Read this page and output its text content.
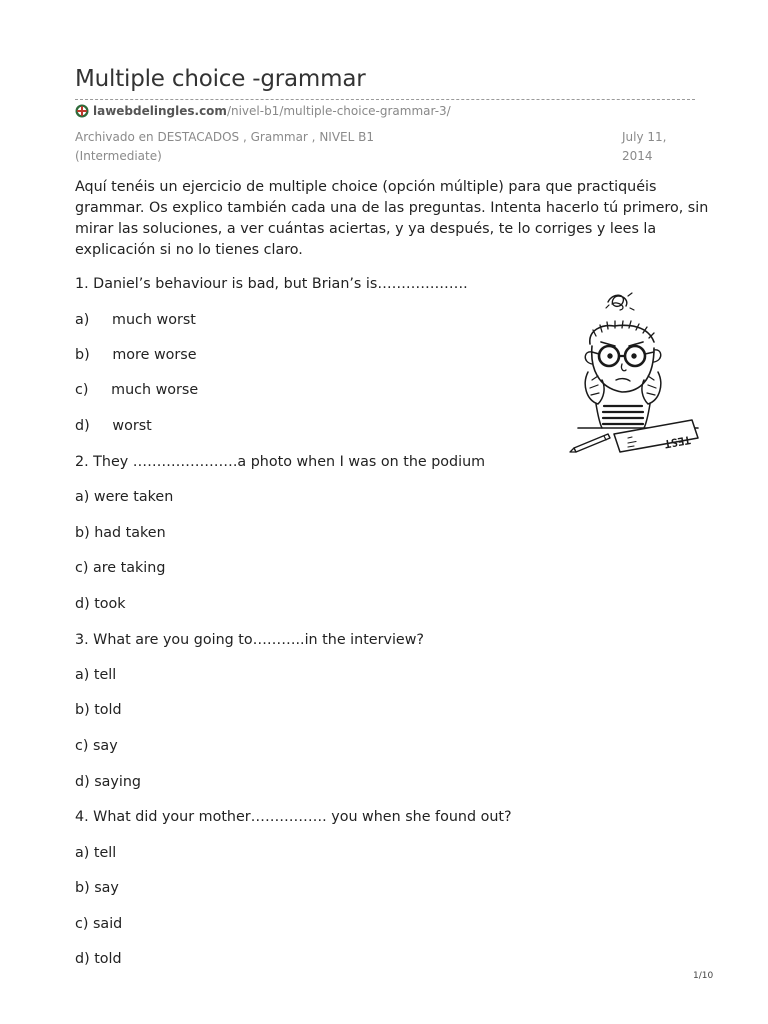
Multiple choice -grammar
lawebdelingles.com /nivel-b1/multiple-choice-grammar-3/
Archivado en DESTACADOS , Grammar , NIVEL B1
(Intermediate)
July 11,
2014
Aquí tenéis un ejercicio de multiple choice (opción múltiple) para que practiquéis
grammar. Os explico también cada una de las preguntas. Intenta hacerlo tú primero, sin
mirar las soluciones, a ver cuántas aciertas, y ya después, te lo corriges y lees la
explicación si no lo tienes claro.
1. Daniel’s behaviour is bad, but Brian’s is……………….
a)     much worst
b)     more worse
c)     much worse
d)     worst
2. They ………………….a photo when I was on the podium
a) were taken
b) had taken
c) are taking
d) took
3. What are you going to………..in the interview?
a) tell
b) told
c) say
d) saying
4. What did your mother……………. you when she found out?
a) tell
b) say
c) said
d) told
TEST
1/10
